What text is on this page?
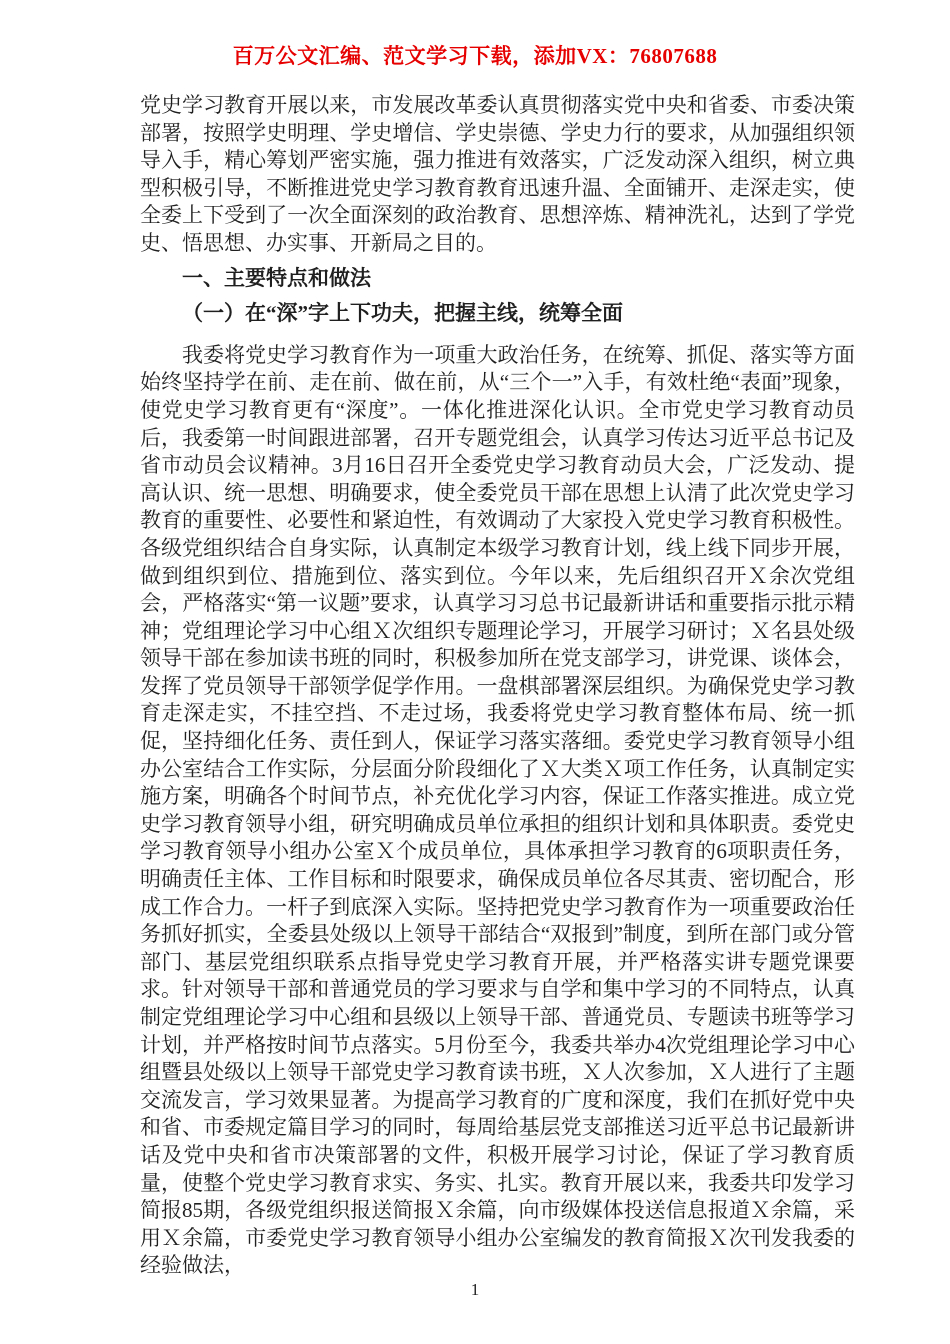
百万公文汇编、范文学习下载，添加VX：76807688

党史学习教育开展以来，市发展改革委认真贯彻落实党中央和省委、市委决策部署，按照学史明理、学史增信、学史崇德、学史力行的要求，从加强组织领导入手，精心筹划严密实施，强力推进有效落实，广泛发动深入组织，树立典型积极引导，不断推进党史学习教育教育迅速升温、全面铺开、走深走实，使全委上下受到了一次全面深刻的政治教育、思想淬炼、精神洗礼，达到了学党史、悟思想、办实事、开新局之目的。

一、主要特点和做法

（一）在“深”字上下功夫，把握主线，统筹全面

我委将党史学习教育作为一项重大政治任务，在统筹、抓促、落实等方面始终坚持学在前、走在前、做在前，从“三个一”入手，有效杜绝“表面”现象，使党史学习教育更有“深度”。一体化推进深化认识。全市党史学习教育动员后，我委第一时间跟进部署，召开专题党组会，认真学习传达习近平总书记及省市动员会议精神。3月16日召开全委党史学习教育动员大会，广泛发动、提高认识、统一思想、明确要求，使全委党员干部在思想上认清了此次党史学习教育的重要性、必要性和紧迫性，有效调动了大家投入党史学习教育积极性。各级党组织结合自身实际，认真制定本级学习教育计划，线上线下同步开展，做到组织到位、措施到位、落实到位。今年以来，先后组织召开Ｘ余次党组会，严格落实“第一议题”要求，认真学习习总书记最新讲话和重要指示批示精神；党组理论学习中心组Ｘ次组织专题理论学习，开展学习研讨；Ｘ名县处级领导干部在参加读书班的同时，积极参加所在党支部学习，讲党课、谈体会，发挥了党员领导干部领学促学作用。一盘棋部署深层组织。为确保党史学习教育走深走实，不挂空挡、不走过场，我委将党史学习教育整体布局、统一抓促，坚持细化任务、责任到人，保证学习落实落细。委党史学习教育领导小组办公室结合工作实际，分层面分阶段细化了Ｘ大类Ｘ项工作任务，认真制定实施方案，明确各个时间节点，补充优化学习内容，保证工作落实推进。成立党史学习教育领导小组，研究明确成员单位承担的组织计划和具体职责。委党史学习教育领导小组办公室Ｘ个成员单位，具体承担学习教育的6项职责任务，明确责任主体、工作目标和时限要求，确保成员单位各尽其责、密切配合，形成工作合力。一杆子到底深入实际。坚持把党史学习教育作为一项重要政治任务抓好抓实，全委县处级以上领导干部结合“双报到”制度，到所在部门或分管部门、基层党组织联系点指导党史学习教育开展，并严格落实讲专题党课要求。针对领导干部和普通党员的学习要求与自学和集中学习的不同特点，认真制定党组理论学习中心组和县级以上领导干部、普通党员、专题读书班等学习计划，并严格按时间节点落实。5月份至今，我委共举办4次党组理论学习中心组暨县处级以上领导干部党史学习教育读书班，Ｘ人次参加，Ｘ人进行了主题交流发言，学习效果显著。为提高学习教育的广度和深度，我们在抓好党中央和省、市委规定篇目学习的同时，每周给基层党支部推送习近平总书记最新讲话及党中央和省市决策部署的文件，积极开展学习讨论，保证了学习教育质量，使整个党史学习教育求实、务实、扎实。教育开展以来，我委共印发学习简报85期，各级党组织报送简报Ｘ余篇，向市级媒体投送信息报道Ｘ余篇，采用Ｘ余篇，市委党史学习教育领导小组办公室编发的教育简报Ｘ次刊发我委的经验做法，

1
